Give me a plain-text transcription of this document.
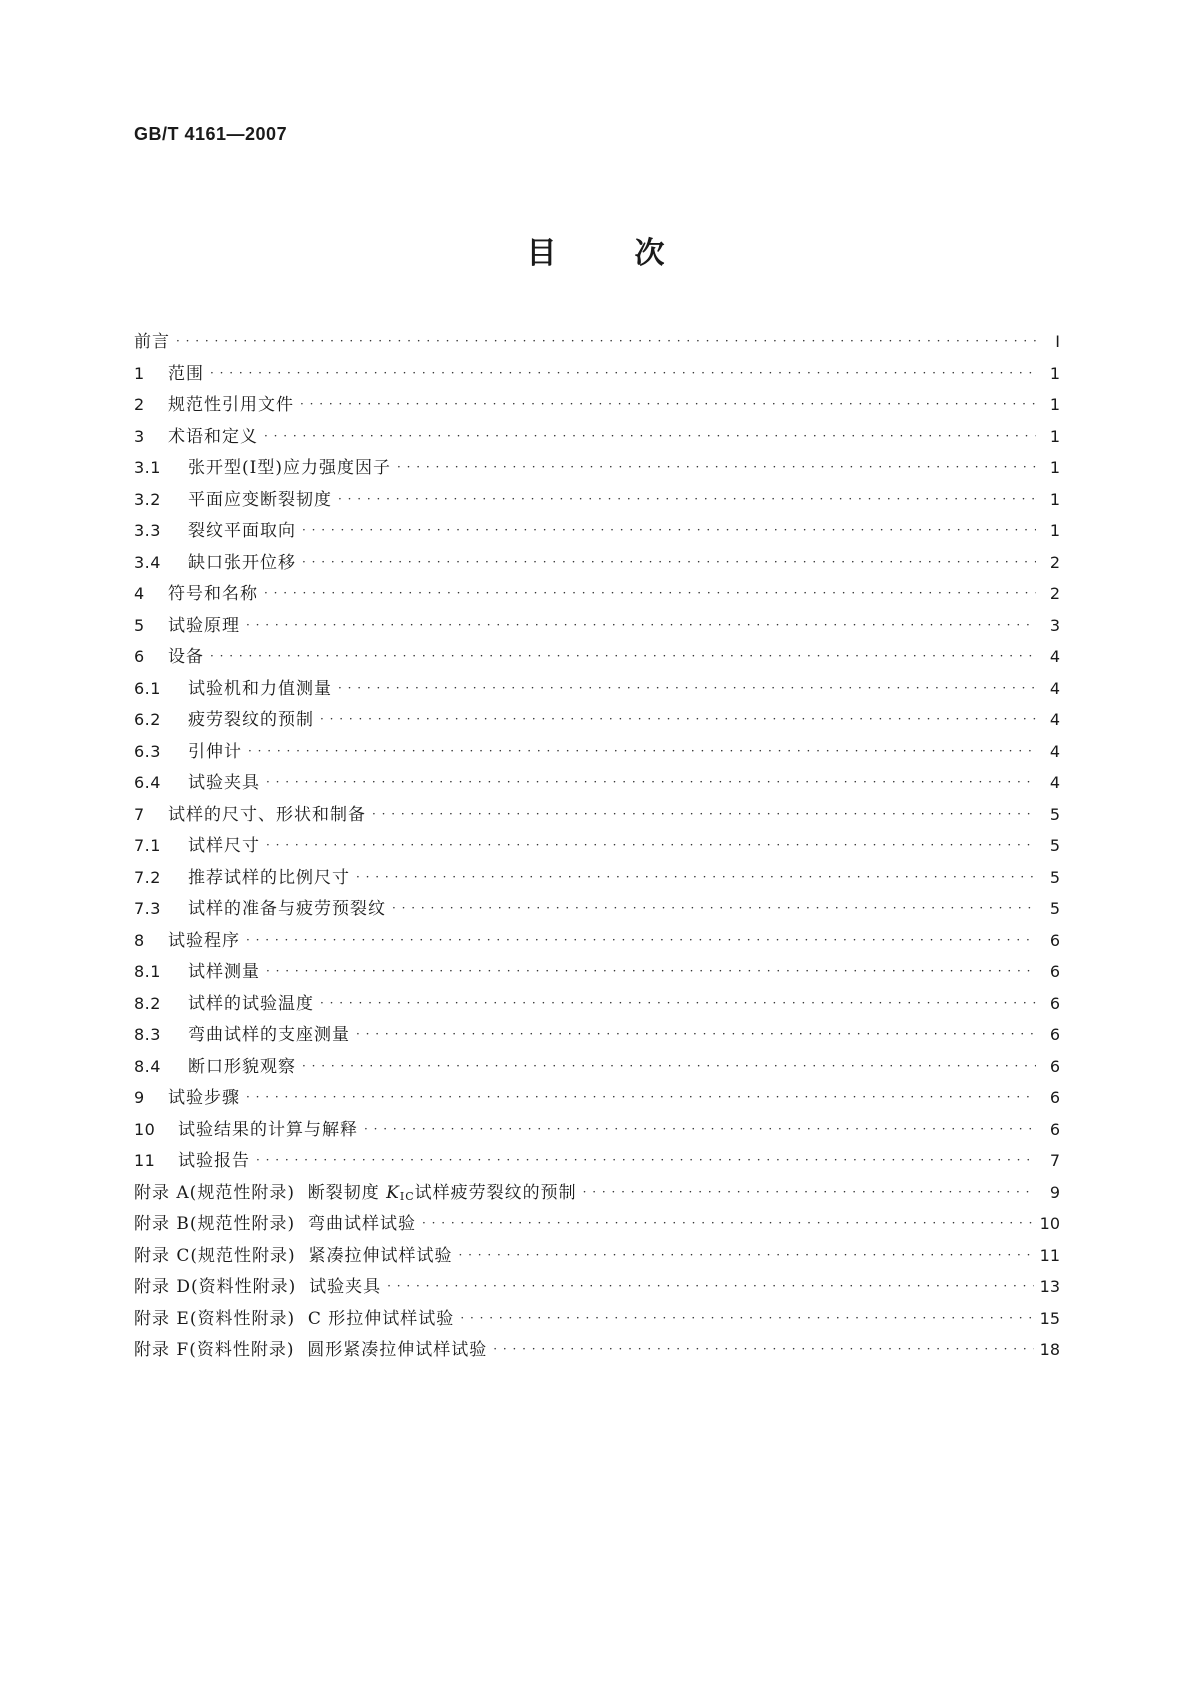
GB/T 4161—2007
目	次
前言 · · ·	Ⅰ
1 范围 · · ·	1
2 规范性引用文件 · · ·	1
3 术语和定义 · · ·	1
3.1 张开型(Ⅰ型)应力强度因子 · · ·	1
3.2 平面应变断裂韧度 · · ·	1
3.3 裂纹平面取向 · · ·	1
3.4 缺口张开位移 · · ·	2
4 符号和名称 · · ·	2
5 试验原理 · · ·	3
6 设备 · · ·	4
6.1 试验机和力值测量 · · ·	4
6.2 疲劳裂纹的预制 · · ·	4
6.3 引伸计 · · ·	4
6.4 试验夹具 · · ·	4
7 试样的尺寸、形状和制备 · · ·	5
7.1 试样尺寸 · · ·	5
7.2 推荐试样的比例尺寸 · · ·	5
7.3 试样的准备与疲劳预裂纹 · · ·	5
8 试验程序 · · ·	6
8.1 试样测量 · · ·	6
8.2 试样的试验温度 · · ·	6
8.3 弯曲试样的支座测量 · · ·	6
8.4 断口形貌观察 · · ·	6
9 试验步骤 · · ·	6
10 试验结果的计算与解释 · · ·	6
11 试验报告 · · ·	7
附录 A(规范性附录) 断裂韧度 KIC试样疲劳裂纹的预制 · · ·	9
附录 B(规范性附录) 弯曲试样试验 · · ·	10
附录 C(规范性附录) 紧凑拉伸试样试验 · · ·	11
附录 D(资料性附录) 试验夹具 · · ·	13
附录 E(资料性附录) C 形拉伸试样试验 · · ·	15
附录 F(资料性附录) 圆形紧凑拉伸试样试验 · · ·	18
